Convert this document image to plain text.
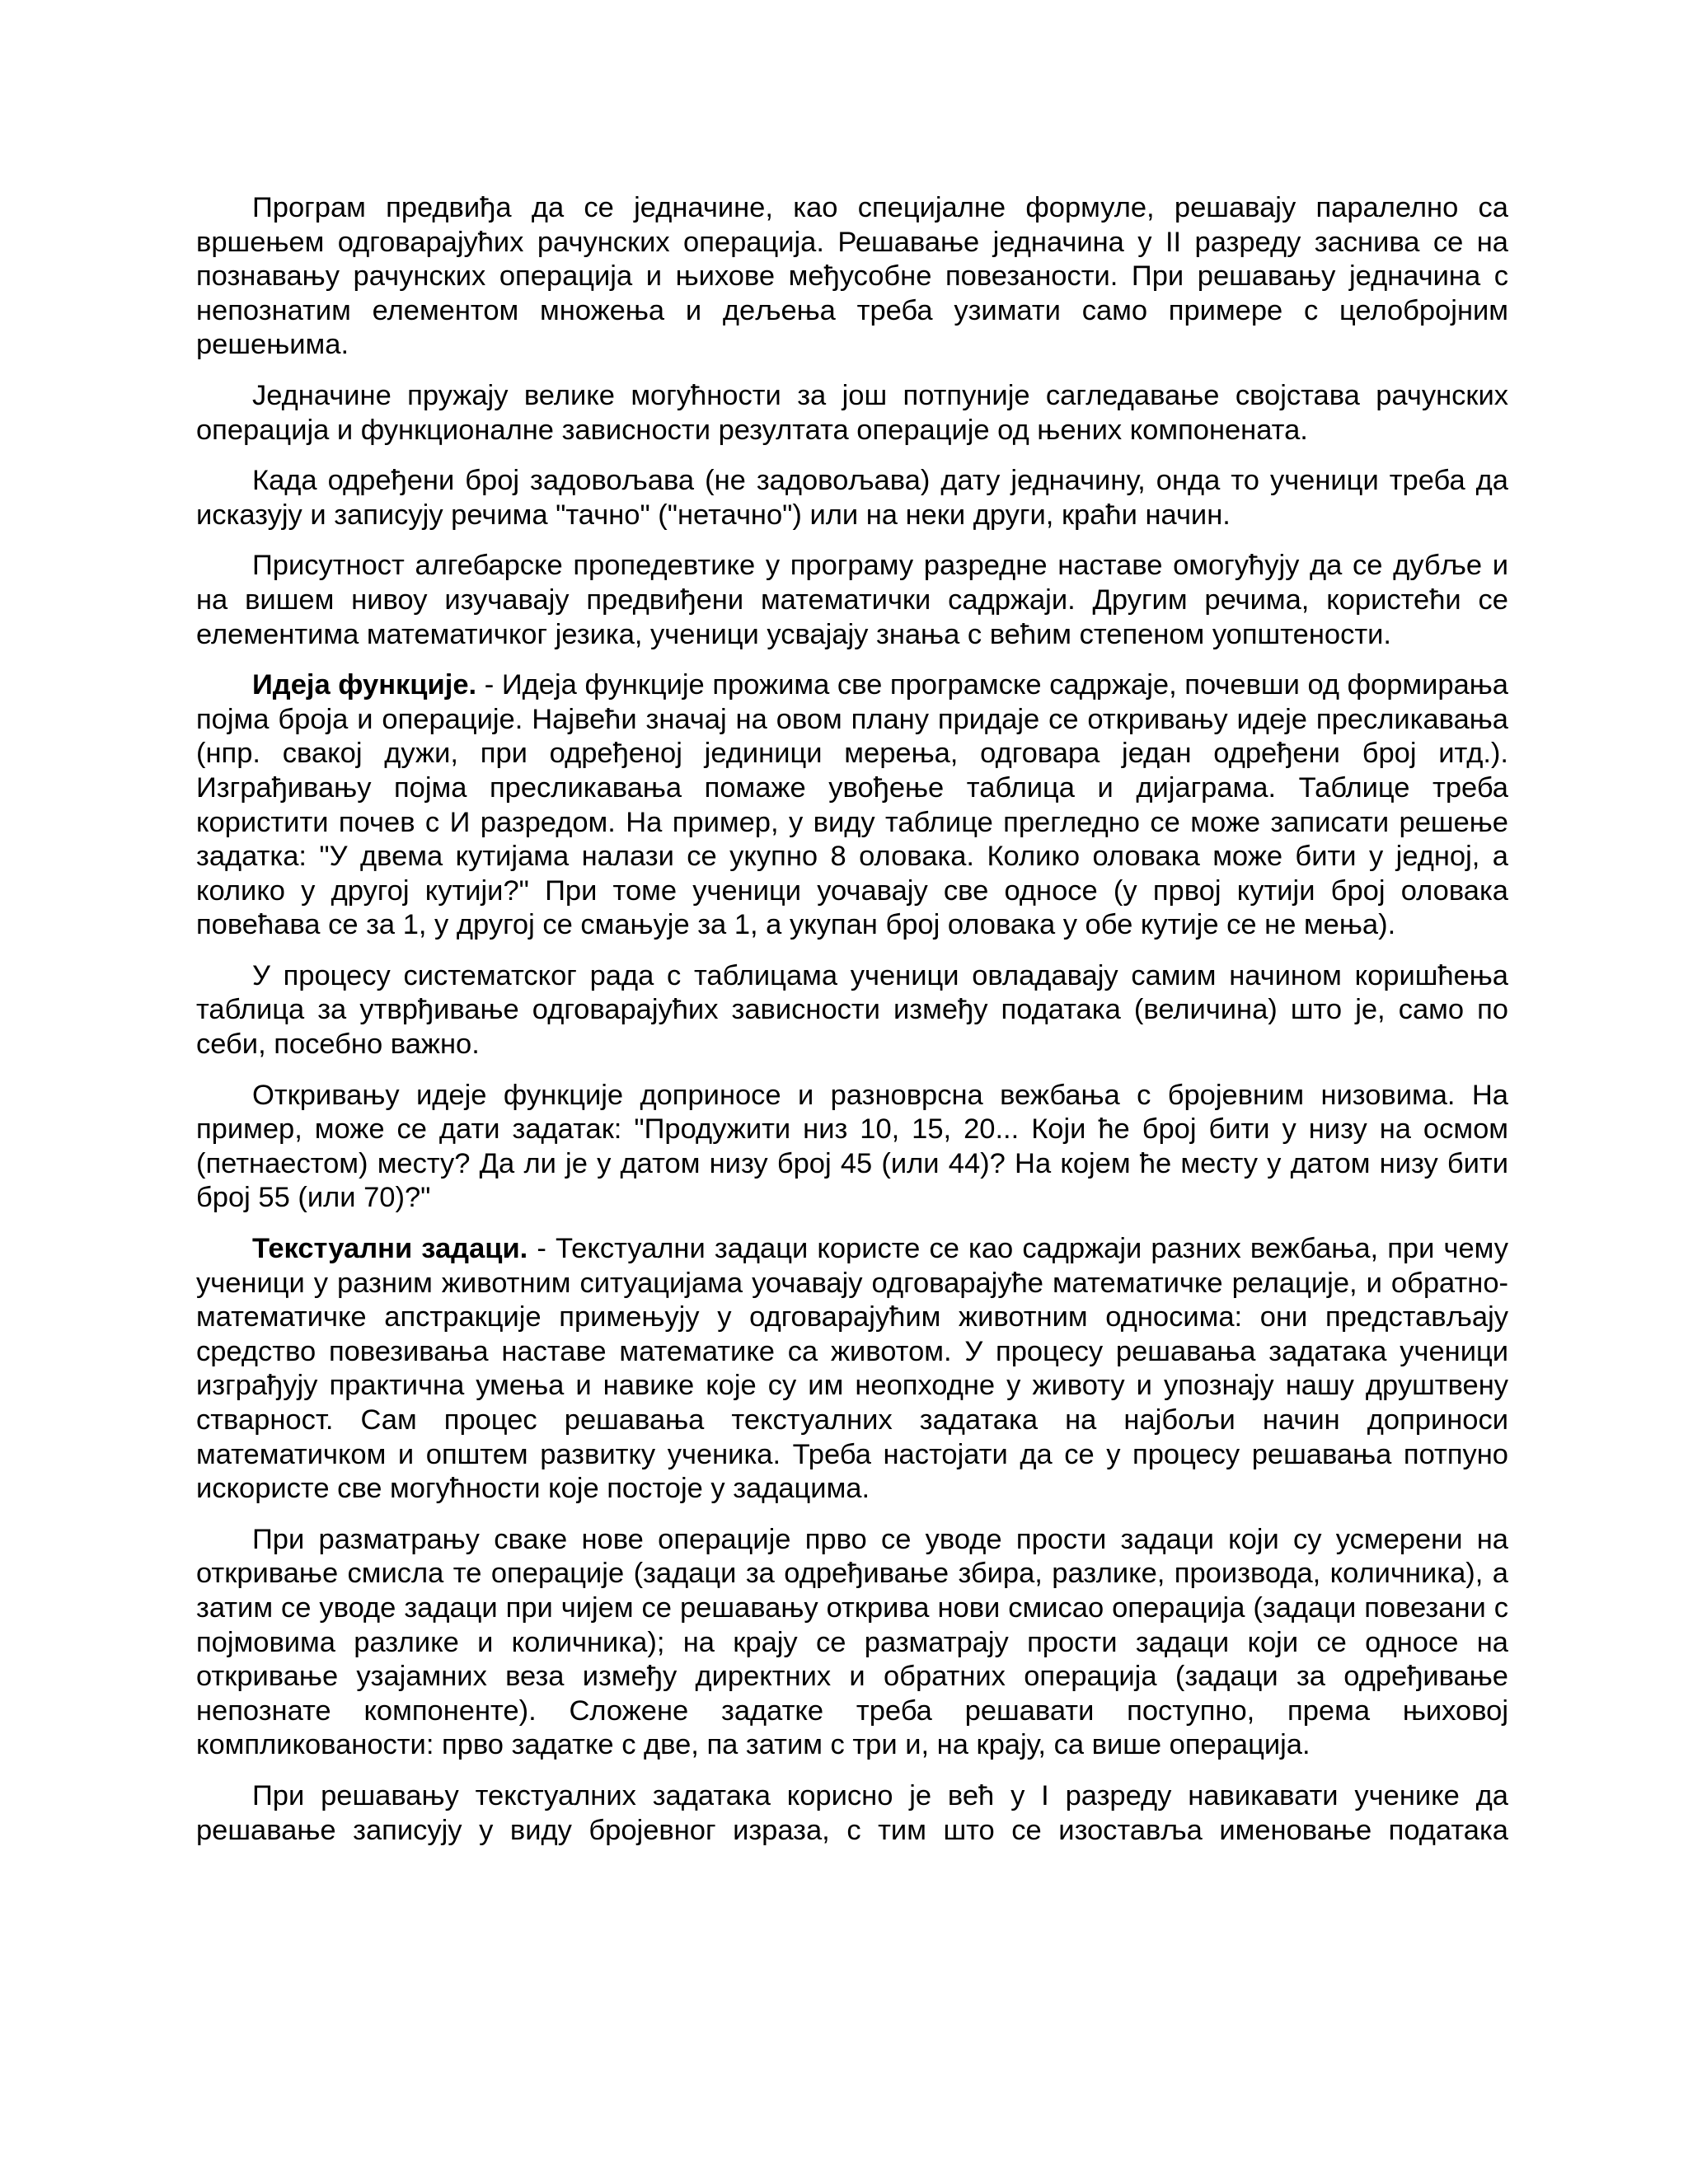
Програм предвиђа да се једначине, као специјалне формуле, решавају паралелно са вршењем одговарајућих рачунских операција. Решавање једначина у II разреду заснива се на познавању рачунских операција и њихове међусобне повезаности. При решавању једначина с непознатим елементом множења и дељења треба узимати само примере с целобројним решењима.

Једначине пружају велике могућности за још потпуније сагледавање својстава рачунских операција и функционалне зависности резултата операције од њених компонената.

Када одређени број задовољава (не задовољава) дату једначину, онда то ученици треба да исказују и записују речима "тачно" ("нетачно") или на неки други, краћи начин.

Присутност алгебарске пропедевтике у програму разредне наставе омогућују да се дубље и на вишем нивоу изучавају предвиђени математички садржаји. Другим речима, користећи се елементима математичког језика, ученици усвајају знања с већим степеном уопштености.

Идеја функције. - Идеја функције прожима све програмске садржаје, почевши од формирања појма броја и операције. Највећи значај на овом плану придаје се откривању идеје пресликавања (нпр. свакој дужи, при одређеној јединици мерења, одговара један одређени број итд.). Изграђивању појма пресликавања помаже увођење таблица и дијаграма. Таблице треба користити почев с И разредом. На пример, у виду таблице прегледно се може записати решење задатка: "У двема кутијама налази се укупно 8 оловака. Колико оловака може бити у једној, а колико у другој кутији?" При томе ученици уочавају све односе (у првој кутији број оловака повећава се за 1, у другој се смањује за 1, а укупан број оловака у обе кутије се не мења).

У процесу систематског рада с таблицама ученици овладавају самим начином коришћења таблица за утврђивање одговарајућих зависности између података (величина) што је, само по себи, посебно важно.

Откривању идеје функције доприносе и разноврсна вежбања с бројевним низовима. На пример, може се дати задатак: "Продужити низ 10, 15, 20... Који ће број бити у низу на осмом (петнаестом) месту? Да ли је у датом низу број 45 (или 44)? На којем ће месту у датом низу бити број 55 (или 70)?"

Текстуални задаци. - Текстуални задаци користе се као садржаји разних вежбања, при чему ученици у разним животним ситуацијама уочавају одговарајуће математичке релације, и обратно-математичке апстракције примењују у одговарајућим животним односима: они представљају средство повезивања наставе математике са животом. У процесу решавања задатака ученици изграђују практична умења и навике које су им неопходне у животу и упознају нашу друштвену стварност. Сам процес решавања текстуалних задатака на најбољи начин доприноси математичком и општем развитку ученика. Треба настојати да се у процесу решавања потпуно искористе све могућности које постоје у задацима.

При разматрању сваке нове операције прво се уводе прости задаци који су усмерени на откривање смисла те операције (задаци за одређивање збира, разлике, производа, количника), а затим се уводе задаци при чијем се решавању открива нови смисао операција (задаци повезани с појмовима разлике и количника); на крају се разматрају прости задаци који се односе на откривање узајамних веза између директних и обратних операција (задаци за одређивање непознате компоненте). Сложене задатке треба решавати поступно, према њиховој компликованости: прво задатке с две, па затим с три и, на крају, са више операција.

При решавању текстуалних задатака корисно је већ у I разреду навикавати ученике да решавање записују у виду бројевног израза, с тим што се изоставља именовање података
